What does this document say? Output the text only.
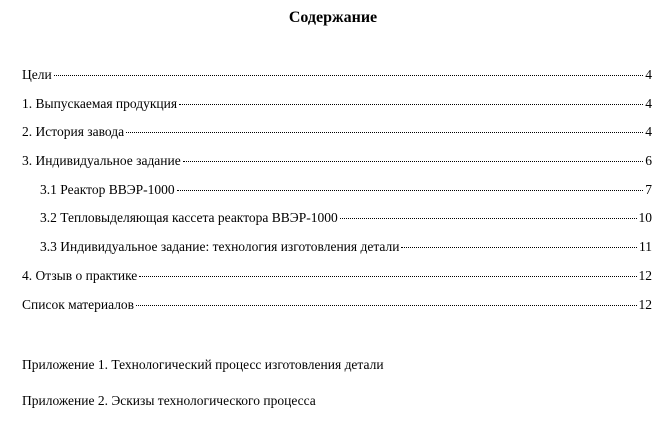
Содержание
Цели	4
1. Выпускаемая продукция	4
2. История завода	4
3. Индивидуальное задание	6
3.1 Реактор ВВЭР-1000	7
3.2 Тепловыделяющая кассета реактора ВВЭР-1000	10
3.3 Индивидуальное задание: технология изготовления детали	11
4. Отзыв о практике	12
Список материалов	12
Приложение 1. Технологический процесс изготовления детали
Приложение 2. Эскизы технологического процесса
